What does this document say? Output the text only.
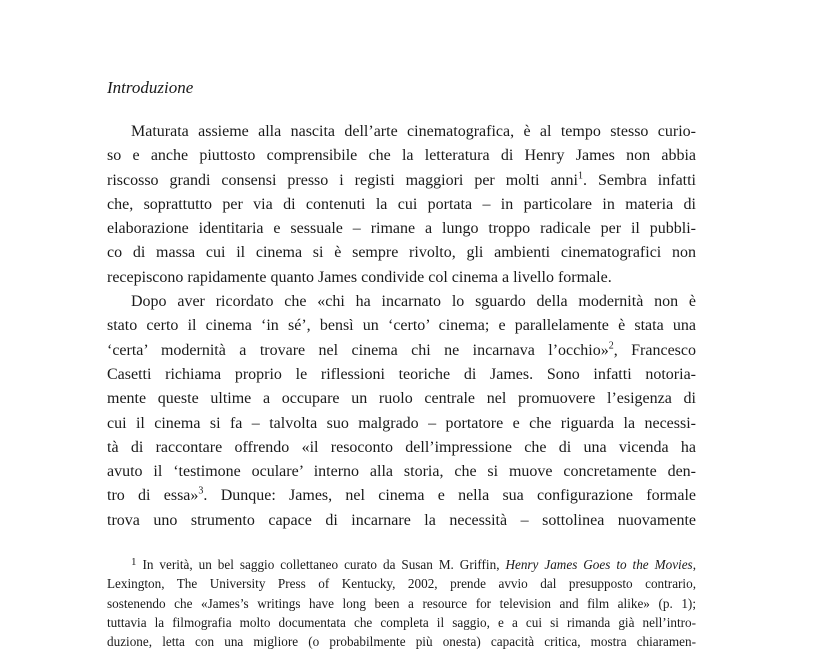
Introduzione
Maturata assieme alla nascita dell’arte cinematografica, è al tempo stesso curio-
so e anche piuttosto comprensibile che la letteratura di Henry James non abbia
riscosso grandi consensi presso i registi maggiori per molti anni$^1$. Sembra infatti
che, soprattutto per via di contenuti la cui portata – in particolare in materia di
elaborazione identitaria e sessuale – rimane a lungo troppo radicale per il pubbli-
co di massa cui il cinema si è sempre rivolto, gli ambienti cinematografici non
recepiscono rapidamente quanto James condivide col cinema a livello formale.
Dopo aver ricordato che «chi ha incarnato lo sguardo della modernità non è
stato certo il cinema ‘in sé’, bensì un ‘certo’ cinema; e parallelamente è stata una
‘certa’ modernità a trovare nel cinema chi ne incarnava l’occhio»$^2$, Francesco
Casetti richiama proprio le riflessioni teoriche di James. Sono infatti notoria-
mente queste ultime a occupare un ruolo centrale nel promuovere l’esigenza di
cui il cinema si fa – talvolta suo malgrado – portatore e che riguarda la necessi-
tà di raccontare offrendo «il resoconto dell’impressione che di una vicenda ha
avuto il ‘testimone oculare’ interno alla storia, che si muove concretamente den-
tro di essa»$^3$. Dunque: James, nel cinema e nella sua configurazione formale
trova uno strumento capace di incarnare la necessità – sottolinea nuovamente
$^1$ In verità, un bel saggio collettaneo curato da Susan M. Griffin, Henry James Goes to the Movies,
Lexington, The University Press of Kentucky, 2002, prende avvio dal presupposto contrario,
sostenendo che «James’s writings have long been a resource for television and film alike» (p. 1);
tuttavia la filmografia molto documentata che completa il saggio, e a cui si rimanda già nell’intro-
duzione, letta con una migliore (o probabilmente più onesta) capacità critica, mostra chiaramen-
